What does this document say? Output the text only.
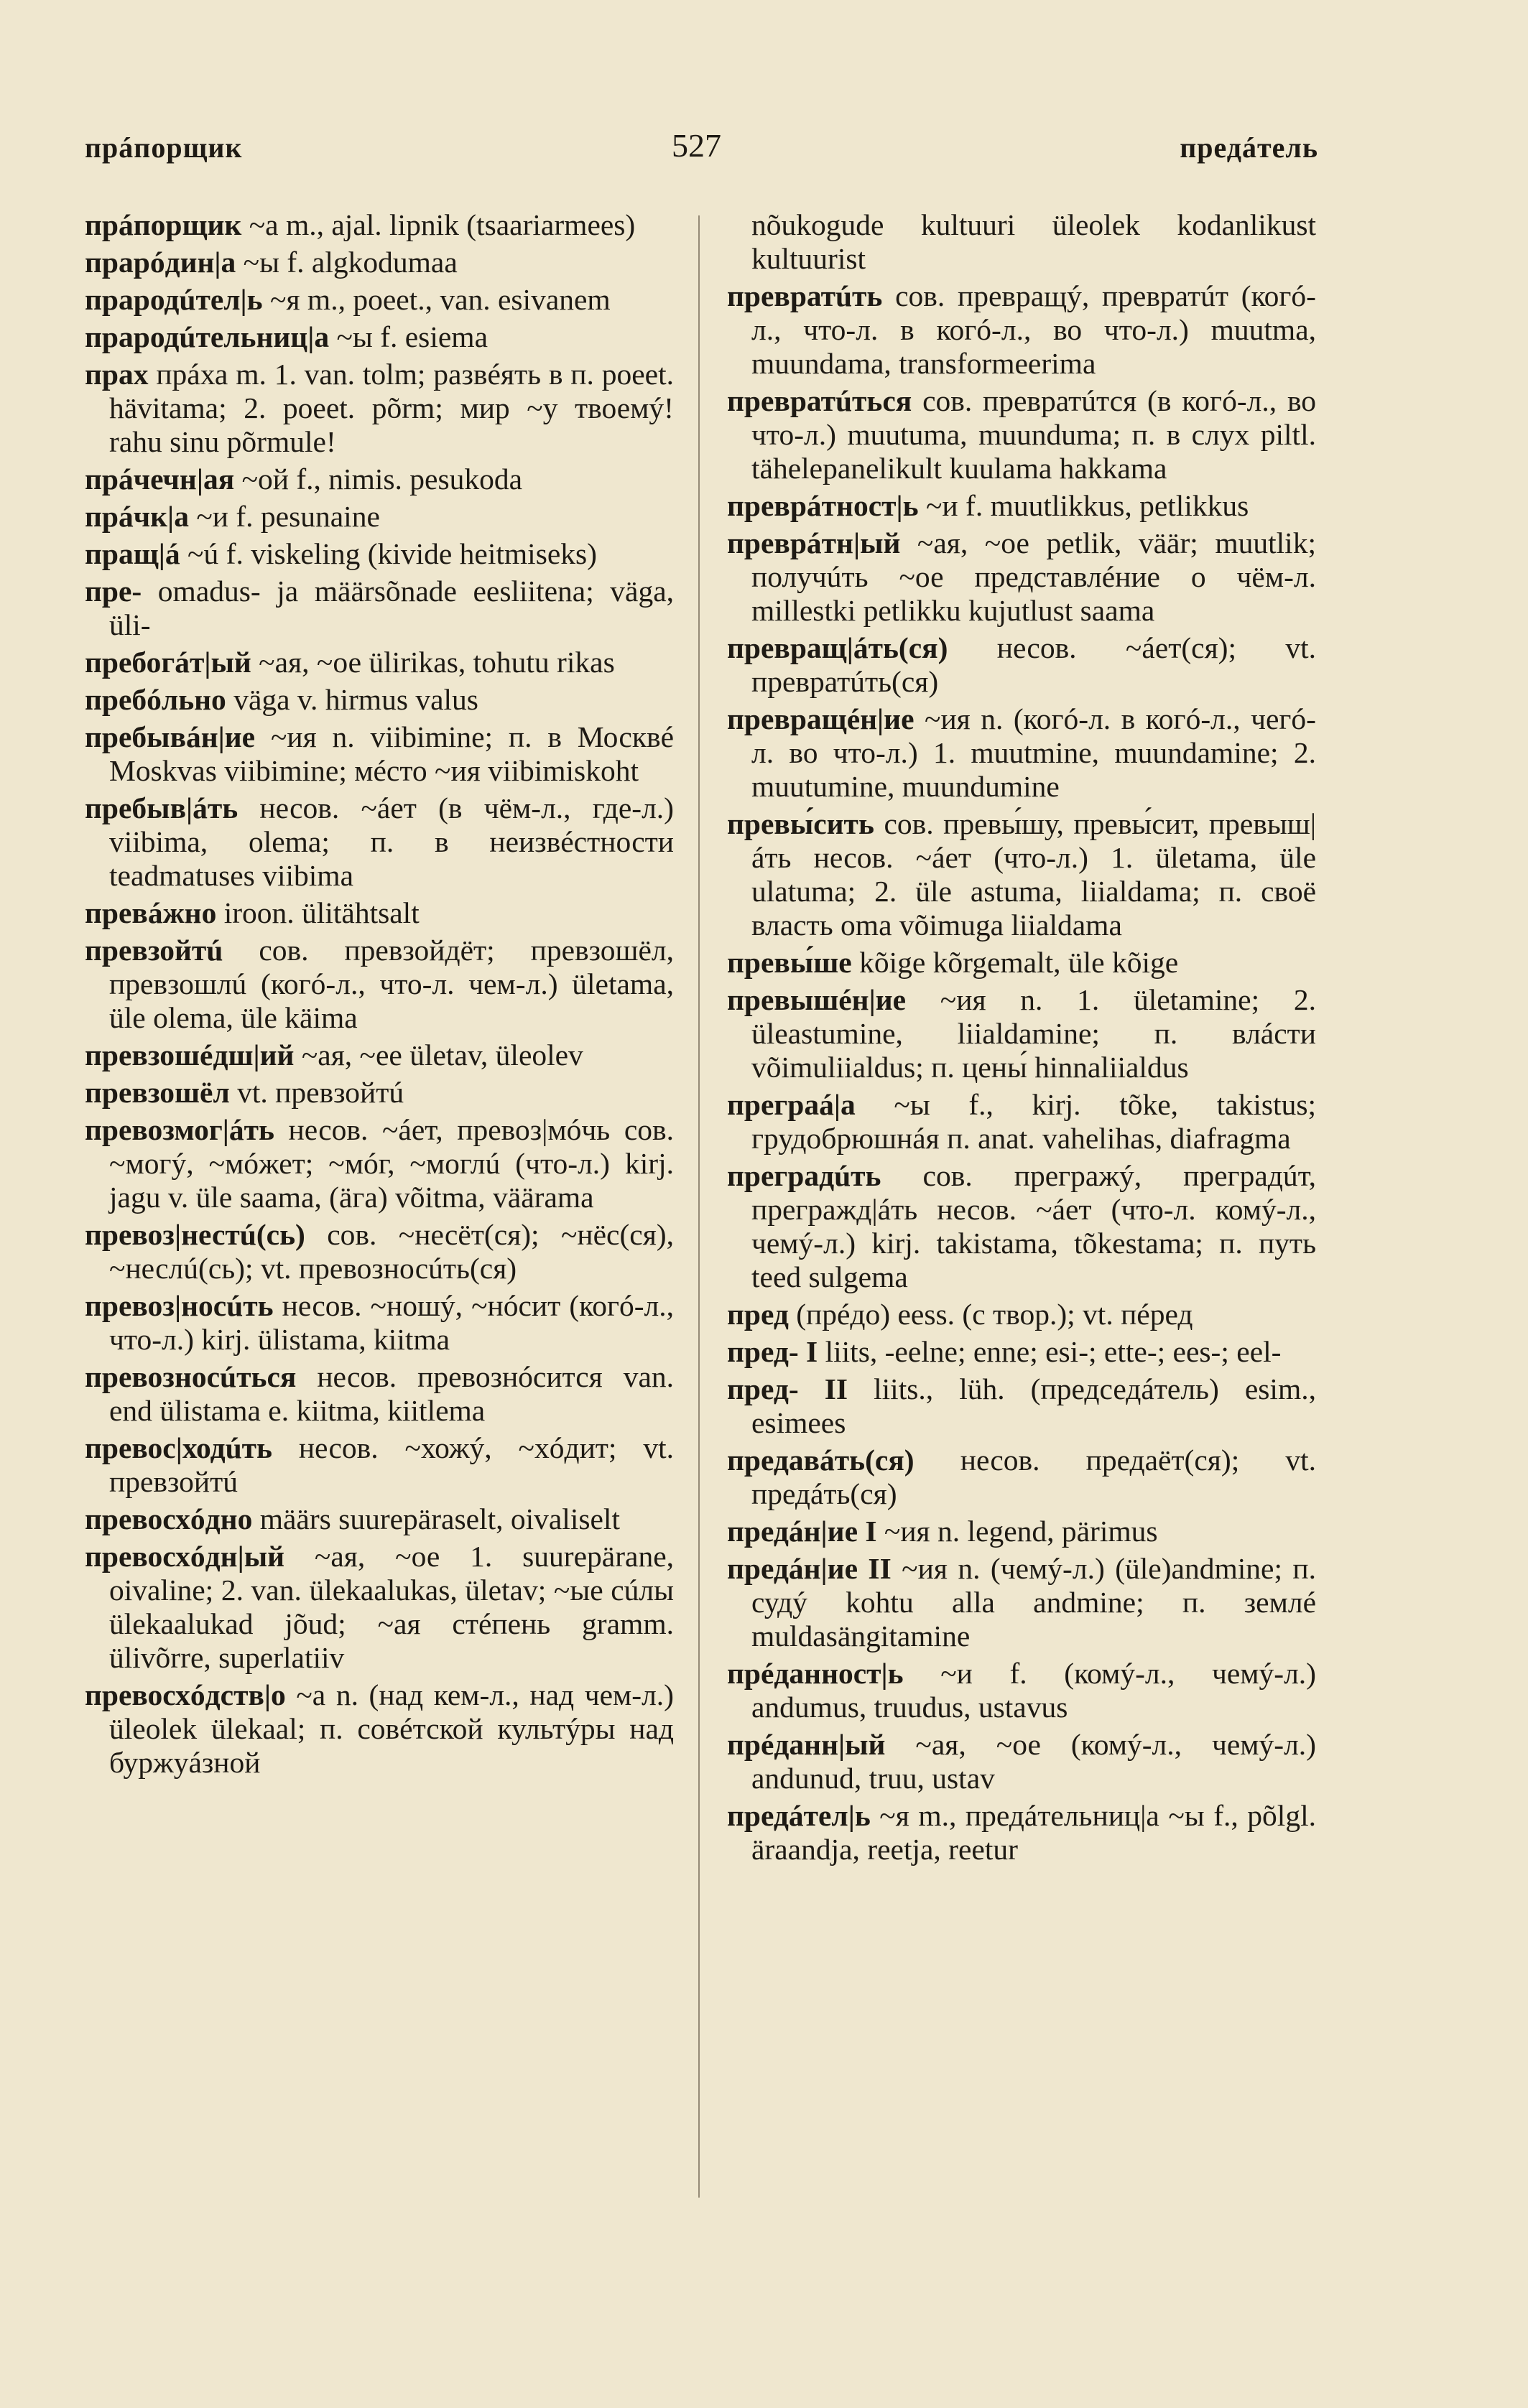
прáпорщик	527	предáтель

прáпорщик ~а m., ajal. lipnik (tsaariarmees)

прарóдин|а ~ы f. algkodumaa

прародúтел|ь ~я m., poeet., van. esivanem

прародúтельниц|а ~ы f. esiema

прах прáха m. 1. van. tolm; развéять в п. poeet. hävitama; 2. poeet. põrm; мир ~у твоемý! rahu sinu põrmule!

прáчечн|ая ~ой f., nimis. pesukoda

прáчк|а ~и f. pesunaine

пращ|á ~ú f. viskeling (kivide heitmiseks)

пре- omadus- ja määrsõnade eesliitena; väga, üli-

пребогáт|ый ~ая, ~ое ülirikas, tohutu rikas

пребóльно väga v. hirmus valus

пребывáн|ие ~ия n. viibimine; п. в Москвé Moskvas viibimine; мéсто ~ия viibimiskoht

пребыв|áть несов. ~áет (в чём-л., где-л.) viibima, olema; п. в неизвéстности teadmatuses viibima

превáжно iroon. ülitähtsalt

превзойтú сов. превзойдёт; превзошёл, превзошлú (когó-л., что-л. чем-л.) ületama, üle olema, üle käima

превзошéдш|ий ~ая, ~ее ületav, üleolev

превзошёл vt. превзойтú

превозмог|áть несов. ~áет, превоз|мóчь сов. ~могý, ~мóжет; ~мóг, ~моглú (что-л.) kirj. jagu v. üle saama, (äга) võitma, väärama

превоз|нестú(сь) сов. ~несёт(ся); ~нёс(ся), ~неслú(сь); vt. превозносúть(ся)

превоз|носúть несов. ~ношý, ~нóсит (когó-л., что-л.) kirj. ülistama, kiitma

превозносúться несов. превознóсится van. end ülistama e. kiitma, kiitlema

превос|ходúть несов. ~хожý, ~хóдит; vt. превзойтú

превосхóдно määrs suurepäraselt, oivaliselt

превосхóдн|ый ~ая, ~ое 1. suurepärane, oivaline; 2. van. ülekaalukas, ületav; ~ые сúлы ülekaalukad jõud; ~ая стéпень gramm. ülivõrre, superlatiiv

превосхóдств|о ~а n. (над кем-л., над чем-л.) üleolek ülekaal; п. совéтской культýры над буржуáзной

nõukogude kultuuri üleolek kodanlikust kultuurist

превратúть сов. превращý, превратúт (когó-л., что-л. в когó-л., во что-л.) muutma, muundama, transformeerima

превратúться сов. превратúтся (в когó-л., во что-л.) muutuma, muunduma; п. в слух piltl. tähelepanelikult kuulama hakkama

преврáтност|ь ~и f. muutlikkus, petlikkus

преврáтн|ый ~ая, ~ое petlik, väär; muutlik; получúть ~ое представлéние о чём-л. millestki petlikku kujutlust saama

превращ|áть(ся) несов. ~áет(ся); vt. превратúть(ся)

превращéн|ие ~ия n. (когó-л. в когó-л., чегó-л. во что-л.) 1. muutmine, muundamine; 2. muutumine, muundumine

превы́сить сов. превы́шу, превы́сит, превыш|áть несов. ~áет (что-л.) 1. ületama, üle ulatuma; 2. üle astuma, liialdama; п. своё власть oma võimuga liialdama

превы́ше kõige kõrgemalt, üle kõige

превышéн|ие ~ия n. 1. ületamine; 2. üleastumine, liialdamine; п. влáсти võimuliialdus; п. цены́ hinnaliialdus

преграá|а ~ы f., kirj. tõke, takistus; грудобрюшнáя п. anat. vahelihas, diafragma

преградúть сов. прегражý, преградúт, прегражд|áть несов. ~áет (что-л. комý-л., чемý-л.) kirj. takistama, tõkestama; п. путь teed sulgema

пред (прéдо) eess. (с твор.); vt. пéред

пред- I liits, -eelne; enne; esi-; ette-; ees-; eel-

пред- II liits., lüh. (председáтель) esim., esimees

предавáть(ся) несов. предаёт(ся); vt. предáть(ся)

предáн|ие I ~ия n. legend, pärimus

предáн|ие II ~ия n. (чемý-л.) (üle)andmine; п. судý kohtu alla andmine; п. землé muldasängitamine

прéданност|ь ~и f. (комý-л., чемý-л.) andumus, truudus, ustavus

прéданн|ый ~ая, ~ое (комý-л., чемý-л.) andunud, truu, ustav

предáтел|ь ~я m., предáтельниц|а ~ы f., põlgl. äraandja, reetja, reetur
